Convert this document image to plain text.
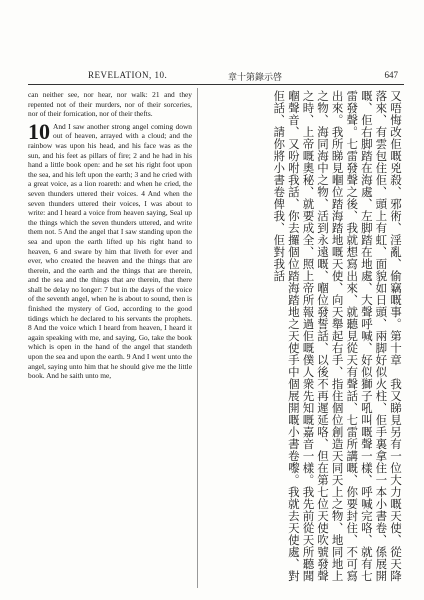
REVELATION, 10.	章十第錄示啓	647

can neither see, nor hear, nor walk: 21 and they repented not of their murders, nor of their sorceries, nor of their fornication, nor of their thefts.

10 And I saw another strong angel coming down out of heaven, arrayed with a cloud; and the rainbow was upon his head, and his face was as the sun, and his feet as pillars of fire; 2 and he had in his hand a little book open: and he set his right foot upon the sea, and his left upon the earth; 3 and he cried with a great voice, as a lion roareth: and when he cried, the seven thunders uttered their voices. 4 And when the seven thunders uttered their voices, I was about to write: and I heard a voice from heaven saying, Seal up the things which the seven thunders uttered, and write them not. 5 And the angel that I saw standing upon the sea and upon the earth lifted up his right hand to heaven, 6 and sware by him that liveth for ever and ever, who created the heaven and the things that are therein, and the earth and the things that are therein, and the sea and the things that are therein, that there shall be delay no longer: 7 but in the days of the voice of the seventh angel, when he is about to sound, then is finished the mystery of God, according to the good tidings which he declared to his servants the prophets. 8 And the voice which I heard from heaven, I heard it again speaking with me, and saying, Go, take the book which is open in the hand of the angel that standeth upon the sea and upon the earth. 9 And I went unto the angel, saying unto him that he should give me the little book. And he saith unto me,	又唔悔改佢嘅兇殺、邪術、淫亂、偷竊嘅事。第十章　我又睇見另有一位大力嘅天使、從天降落來、有雲包住佢、頭上有虹、面貌如日頭、兩脚好似火柱、佢手裏拿住一本小書卷、係展開嘅、佢右脚踏在海處、左脚踏在地處、大聲呼喊、好似獅子吼叫嘅聲一樣、呼喊完咯、就有七雷發聲。七雷發聲之後、我就想寫出來、就聽見從天有聲話、七雷所講嘅、你要封住、不可寫出來。我所睇見嗰位踏海踏地嘅天使、向天舉起右手、指住個位創造天同天上之物、地同地上之物、海同海中之物、活到永遠嘅、嗰位發誓話、以後不再遲延咯、但在第七位天使吹號發聲之時、上帝嘅奧秘、就要成全、照上帝所報過佢嘅僕人衆先知嘅嘉音一樣。我先前從天所聽聞嗰聲音、又吩咐我話、你去攞個位踏海踏地之天使手中個展開嘅小書卷嚟。我就去天使處、對佢話、請你將小書卷俾我、佢對我話
